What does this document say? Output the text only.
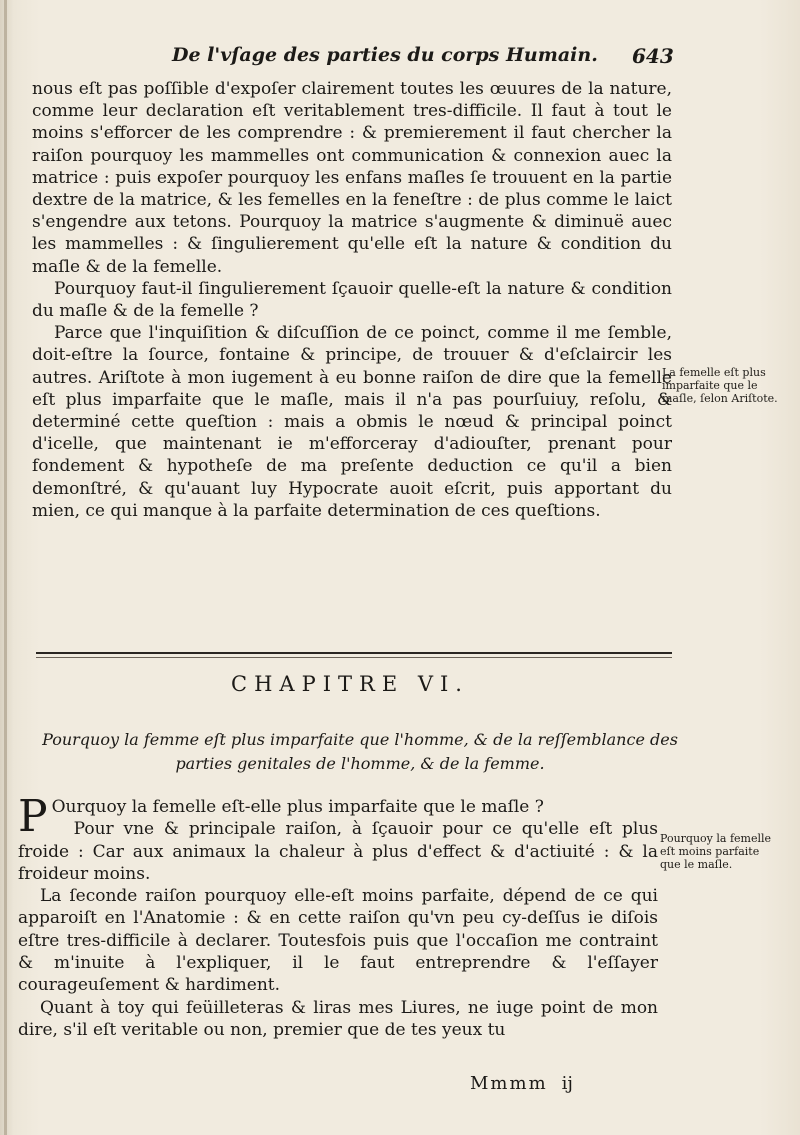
De l'vſage des parties du corps Humain. 643

nous eſt pas poſſible d'expoſer clairement toutes les œuures de la nature, comme leur declaration eſt veritablement tres-difficile. Il faut à tout le moins s'efforcer de les comprendre : & premierement il faut chercher la raiſon pourquoy les mammelles ont communication & connexion auec la matrice : puis expoſer pourquoy les enfans maſles ſe trouuent en la partie dextre de la matrice, & les femelles en la feneſtre : de plus comme le laict s'engendre aux tetons. Pourquoy la matrice s'augmente & diminuë auec les mammelles : & ſingulierement qu'elle eſt la nature & condition du maſle & de la femelle.

Pourquoy faut-il ſingulierement ſçauoir quelle-eſt la nature & condition du maſle & de la femelle ?

Parce que l'inquiſition & diſcuſſion de ce poinct, comme il me ſemble, doit-eſtre la ſource, fontaine & principe, de trouuer & d'eſclaircir les autres. Ariſtote à mon iugement à eu bonne raiſon de dire que la femelle eſt plus imparfaite que le maſle, mais il n'a pas pourſuiuy, reſolu, & determiné cette queſtion : mais a obmis le nœud & principal poinct d'icelle, que maintenant ie m'efforceray d'adiouſter, prenant pour fondement & hypotheſe de ma preſente deduction ce qu'il a bien demonſtré, & qu'auant luy Hypocrate auoit eſcrit, puis apportant du mien, ce qui manque à la parfaite determination de ces queſtions.

La femelle eſt plus imparfaite que le maſle, ſelon Ariſtote.
CHAPITRE VI.
Pourquoy la femme eſt plus imparfaite que l'homme, & de la reſſemblance des parties genitales de l'homme, & de la femme.

P Ourquoy la femelle eſt-elle plus imparfaite que le maſle ?

Pour vne & principale raiſon, à ſçauoir pour ce qu'elle eſt plus froide : Car aux animaux la chaleur à plus d'effect & d'actiuité : & la froideur moins.

La ſeconde raiſon pourquoy elle-eſt moins parfaite, dépend de ce qui apparoiſt en l'Anatomie : & en cette raiſon qu'vn peu cy-deſſus ie diſois eſtre tres-difficile à declarer. Toutesfois puis que l'occaſion me contraint & m'inuite à l'expliquer, il le faut entreprendre & l'eſſayer courageuſement & hardiment.

Quant à toy qui feüilleteras & liras mes Liures, ne iuge point de mon dire, s'il eſt veritable ou non, premier que de tes yeux tu

Pourquoy la femelle eſt moins parfaite que le maſle.
Mmmm ij
